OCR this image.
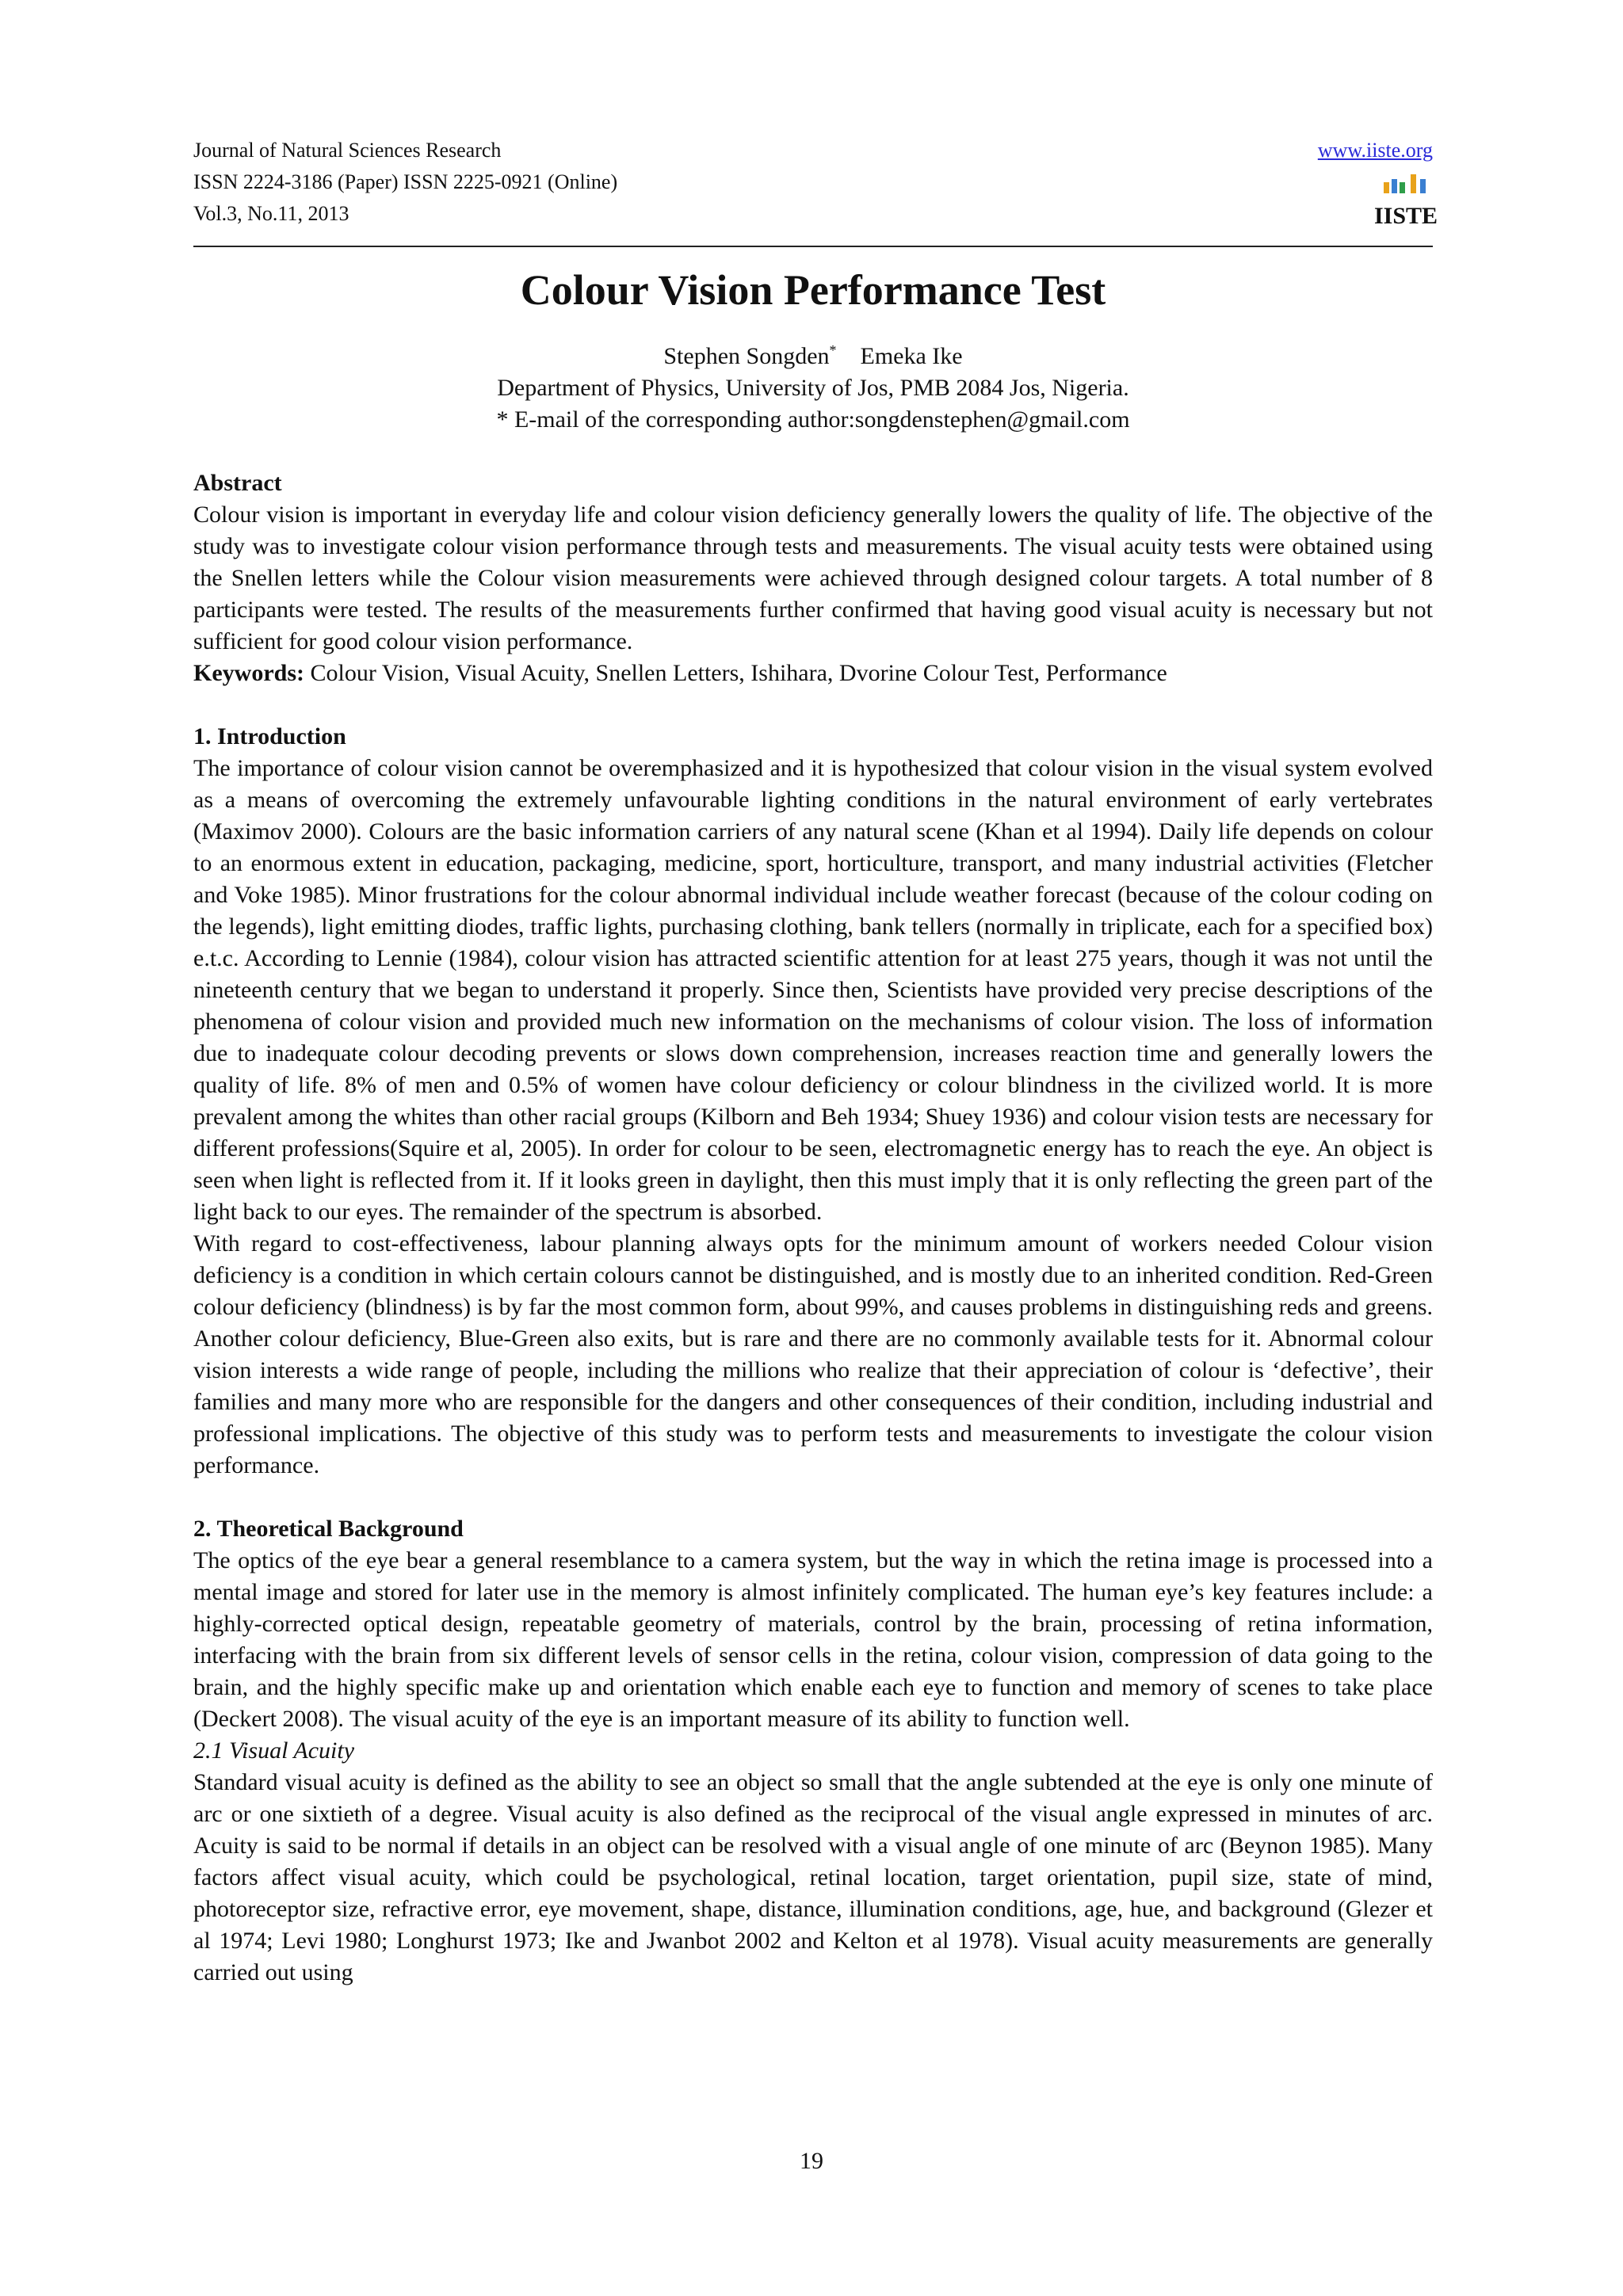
Journal of Natural Sciences Research
ISSN 2224-3186 (Paper) ISSN 2225-0921 (Online)
Vol.3, No.11, 2013
www.iiste.org
IISTE
Colour Vision Performance Test
Stephen Songden* Emeka Ike
Department of Physics, University of Jos, PMB 2084 Jos, Nigeria.
* E-mail of the corresponding author:songdenstephen@gmail.com
Abstract

Colour vision is important in everyday life and colour vision deficiency generally lowers the quality of life. The objective of the study was to investigate colour vision performance through tests and measurements. The visual acuity tests were obtained using the Snellen letters while the Colour vision measurements were achieved through designed colour targets. A total number of 8 participants were tested. The results of the measurements further confirmed that having good visual acuity is necessary but not sufficient for good colour vision performance.

Keywords: Colour Vision, Visual Acuity, Snellen Letters, Ishihara, Dvorine Colour Test, Performance

1. Introduction

The importance of colour vision cannot be overemphasized and it is hypothesized that colour vision in the visual system evolved as a means of overcoming the extremely unfavourable lighting conditions in the natural environment of early vertebrates (Maximov 2000). Colours are the basic information carriers of any natural scene (Khan et al 1994). Daily life depends on colour to an enormous extent in education, packaging, medicine, sport, horticulture, transport, and many industrial activities (Fletcher and Voke 1985). Minor frustrations for the colour abnormal individual include weather forecast (because of the colour coding on the legends), light emitting diodes, traffic lights, purchasing clothing, bank tellers (normally in triplicate, each for a specified box) e.t.c. According to Lennie (1984), colour vision has attracted scientific attention for at least 275 years, though it was not until the nineteenth century that we began to understand it properly. Since then, Scientists have provided very precise descriptions of the phenomena of colour vision and provided much new information on the mechanisms of colour vision. The loss of information due to inadequate colour decoding prevents or slows down comprehension, increases reaction time and generally lowers the quality of life. 8% of men and 0.5% of women have colour deficiency or colour blindness in the civilized world. It is more prevalent among the whites than other racial groups (Kilborn and Beh 1934; Shuey 1936) and colour vision tests are necessary for different professions(Squire et al, 2005). In order for colour to be seen, electromagnetic energy has to reach the eye. An object is seen when light is reflected from it. If it looks green in daylight, then this must imply that it is only reflecting the green part of the light back to our eyes. The remainder of the spectrum is absorbed.

With regard to cost-effectiveness, labour planning always opts for the minimum amount of workers needed Colour vision deficiency is a condition in which certain colours cannot be distinguished, and is mostly due to an inherited condition. Red-Green colour deficiency (blindness) is by far the most common form, about 99%, and causes problems in distinguishing reds and greens. Another colour deficiency, Blue-Green also exits, but is rare and there are no commonly available tests for it. Abnormal colour vision interests a wide range of people, including the millions who realize that their appreciation of colour is ‘defective’, their families and many more who are responsible for the dangers and other consequences of their condition, including industrial and professional implications. The objective of this study was to perform tests and measurements to investigate the colour vision performance.

2. Theoretical Background

The optics of the eye bear a general resemblance to a camera system, but the way in which the retina image is processed into a mental image and stored for later use in the memory is almost infinitely complicated. The human eye’s key features include: a highly-corrected optical design, repeatable geometry of materials, control by the brain, processing of retina information, interfacing with the brain from six different levels of sensor cells in the retina, colour vision, compression of data going to the brain, and the highly specific make up and orientation which enable each eye to function and memory of scenes to take place (Deckert 2008). The visual acuity of the eye is an important measure of its ability to function well.

2.1 Visual Acuity

Standard visual acuity is defined as the ability to see an object so small that the angle subtended at the eye is only one minute of arc or one sixtieth of a degree. Visual acuity is also defined as the reciprocal of the visual angle expressed in minutes of arc. Acuity is said to be normal if details in an object can be resolved with a visual angle of one minute of arc (Beynon 1985). Many factors affect visual acuity, which could be psychological, retinal location, target orientation, pupil size, state of mind, photoreceptor size, refractive error, eye movement, shape, distance, illumination conditions, age, hue, and background (Glezer et al 1974; Levi 1980; Longhurst 1973; Ike and Jwanbot 2002 and Kelton et al 1978). Visual acuity measurements are generally carried out using

19
